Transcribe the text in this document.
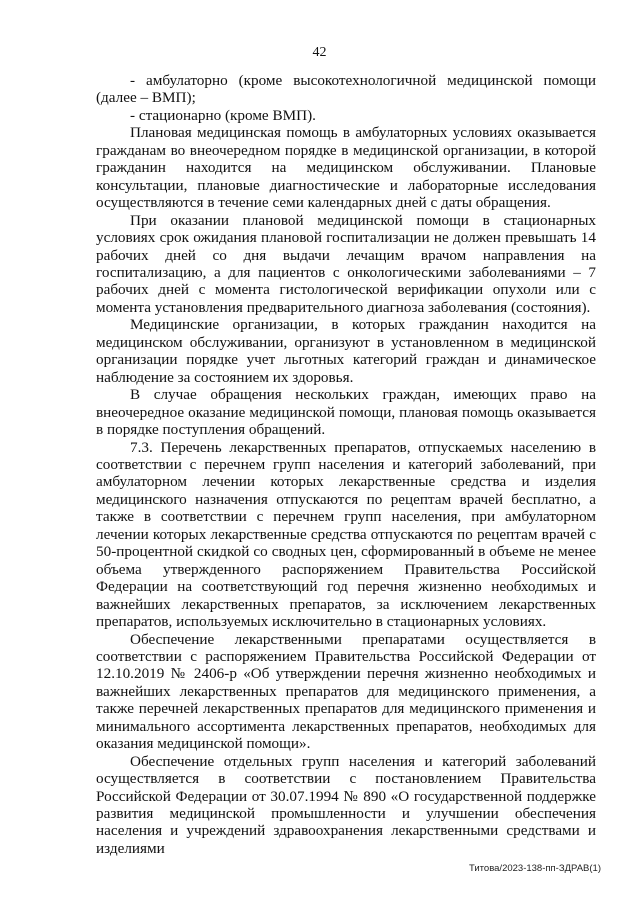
42

- амбулаторно (кроме высокотехнологичной медицинской помощи (далее – ВМП);

- стационарно (кроме ВМП).

Плановая медицинская помощь в амбулаторных условиях оказывается гражданам во внеочередном порядке в медицинской организации, в которой гражданин находится на медицинском обслуживании. Плановые консультации, плановые диагностические и лабораторные исследования осуществляются в течение семи календарных дней с даты обращения.

При оказании плановой медицинской помощи в стационарных условиях срок ожидания плановой госпитализации не должен превышать 14 рабочих дней со дня выдачи лечащим врачом направления на госпитализацию, а для пациентов с онкологическими заболеваниями – 7 рабочих дней с момента гистологической верификации опухоли или с момента установления предварительного диагноза заболевания (состояния).

Медицинские организации, в которых гражданин находится на медицинском обслуживании, организуют в установленном в медицинской организации порядке учет льготных категорий граждан и динамическое наблюдение за состоянием их здоровья.

В случае обращения нескольких граждан, имеющих право на внеочередное оказание медицинской помощи, плановая помощь оказывается в порядке поступления обращений.

7.3. Перечень лекарственных препаратов, отпускаемых населению в соответствии с перечнем групп населения и категорий заболеваний, при амбулаторном лечении которых лекарственные средства и изделия медицинского назначения отпускаются по рецептам врачей бесплатно, а также в соответствии с перечнем групп населения, при амбулаторном лечении которых лекарственные средства отпускаются по рецептам врачей с 50-процентной скидкой со сводных цен, сформированный в объеме не менее объема утвержденного распоряжением Правительства Российской Федерации на соответствующий год перечня жизненно необходимых и важнейших лекарственных препаратов, за исключением лекарственных препаратов, используемых исключительно в стационарных условиях.

Обеспечение лекарственными препаратами осуществляется в соответствии с распоряжением Правительства Российской Федерации от 12.10.2019 № 2406-р «Об утверждении перечня жизненно необходимых и важнейших лекарственных препаратов для медицинского применения, а также перечней лекарственных препаратов для медицинского применения и минимального ассортимента лекарственных препаратов, необходимых для оказания медицинской помощи».

Обеспечение отдельных групп населения и категорий заболеваний осуществляется в соответствии с постановлением Правительства Российской Федерации от 30.07.1994 № 890 «О государственной поддержке развития медицинской промышленности и улучшении обеспечения населения и учреждений здравоохранения лекарственными средствами и изделиями

Титова/2023-138-пп-ЗДРАВ(1)
